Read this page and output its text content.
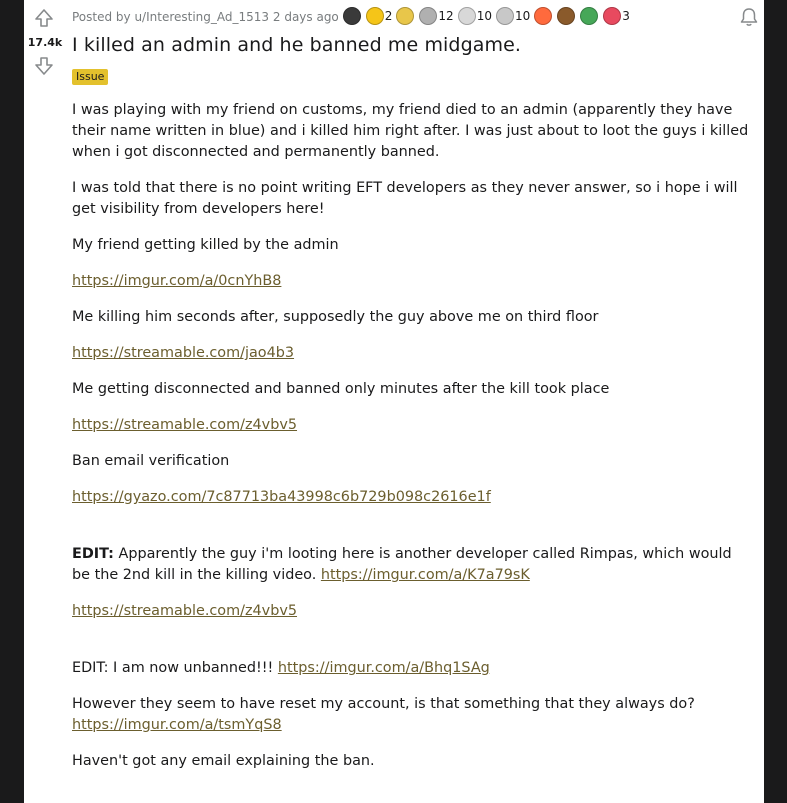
17.4k
Posted by u/Interesting_Ad_1513 2 days ago	2	12 10 10	3
I killed an admin and he banned me midgame.
Issue

I was playing with my friend on customs, my friend died to an admin (apparently they have their name written in blue) and i killed him right after. I was just about to loot the guys i killed when i got disconnected and permanently banned.

I was told that there is no point writing EFT developers as they never answer, so i hope i will get visibility from developers here!

My friend getting killed by the admin

https://imgur.com/a/0cnYhB8

Me killing him seconds after, supposedly the guy above me on third floor

https://streamable.com/jao4b3

Me getting disconnected and banned only minutes after the kill took place

https://streamable.com/z4vbv5

Ban email verification

https://gyazo.com/7c87713ba43998c6b729b098c2616e1f

EDIT: Apparently the guy i'm looting here is another developer called Rimpas, which would be the 2nd kill in the killing video. https://imgur.com/a/K7a79sK

https://streamable.com/z4vbv5

EDIT: I am now unbanned!!! https://imgur.com/a/Bhq1SAg

However they seem to have reset my account, is that something that they always do?
https://imgur.com/a/tsmYqS8

Haven't got any email explaining the ban.
